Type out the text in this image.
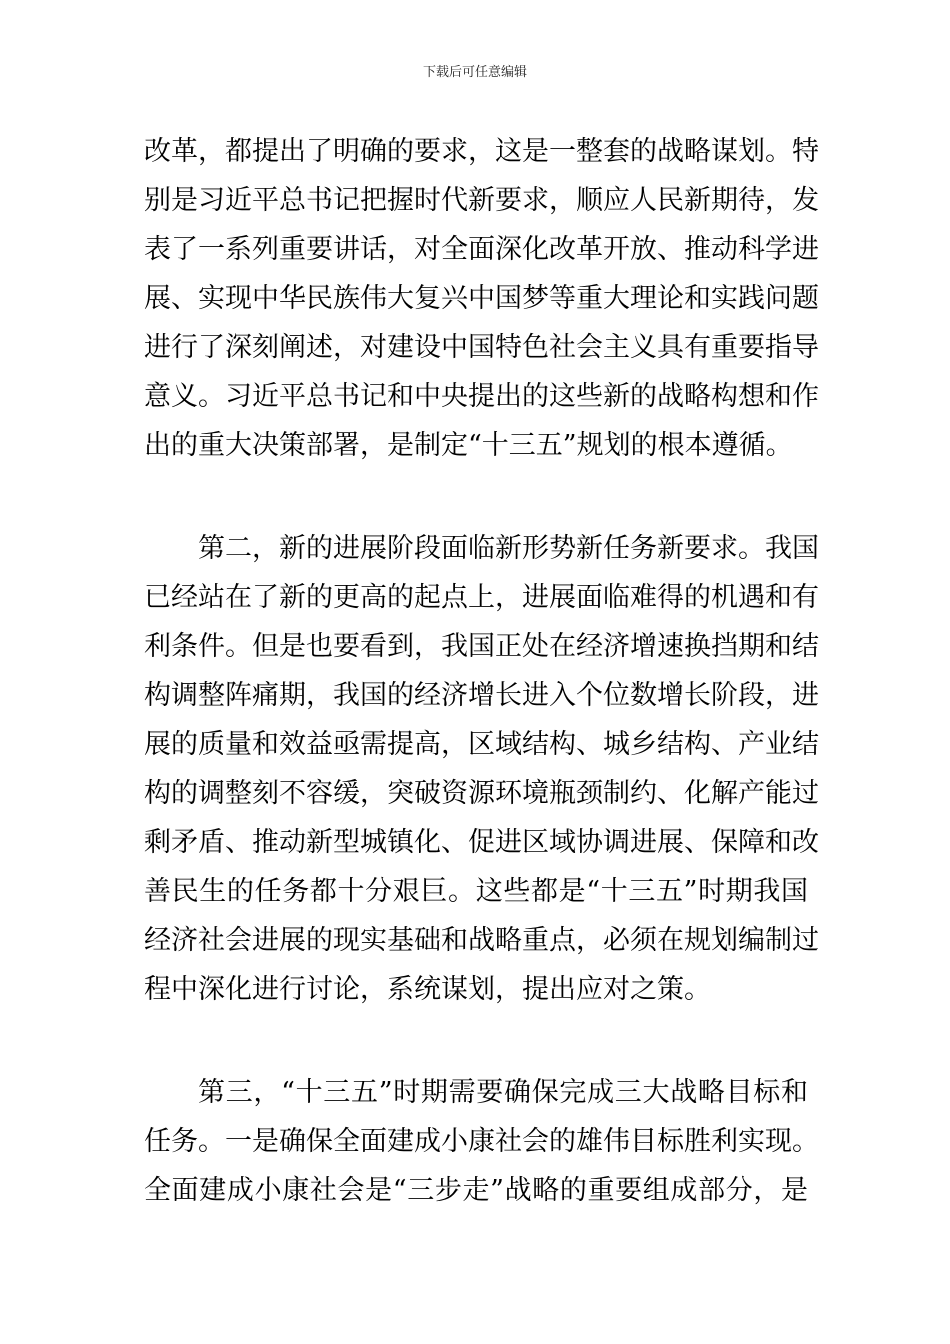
下载后可任意编辑
改革，都提出了明确的要求，这是一整套的战略谋划。特
别是习近平总书记把握时代新要求，顺应人民新期待，发
表了一系列重要讲话，对全面深化改革开放、推动科学进
展、实现中华民族伟大复兴中国梦等重大理论和实践问题
进行了深刻阐述，对建设中国特色社会主义具有重要指导
意义。习近平总书记和中央提出的这些新的战略构想和作
出的重大决策部署，是制定“十三五”规划的根本遵循。
第二，新的进展阶段面临新形势新任务新要求。我国
已经站在了新的更高的起点上，进展面临难得的机遇和有
利条件。但是也要看到，我国正处在经济增速换挡期和结
构调整阵痛期，我国的经济增长进入个位数增长阶段，进
展的质量和效益亟需提高，区域结构、城乡结构、产业结
构的调整刻不容缓，突破资源环境瓶颈制约、化解产能过
剩矛盾、推动新型城镇化、促进区域协调进展、保障和改
善民生的任务都十分艰巨。这些都是“十三五”时期我国
经济社会进展的现实基础和战略重点，必须在规划编制过
程中深化进行讨论，系统谋划，提出应对之策。
第三，“十三五”时期需要确保完成三大战略目标和
任务。一是确保全面建成小康社会的雄伟目标胜利实现。
全面建成小康社会是“三步走”战略的重要组成部分，是
